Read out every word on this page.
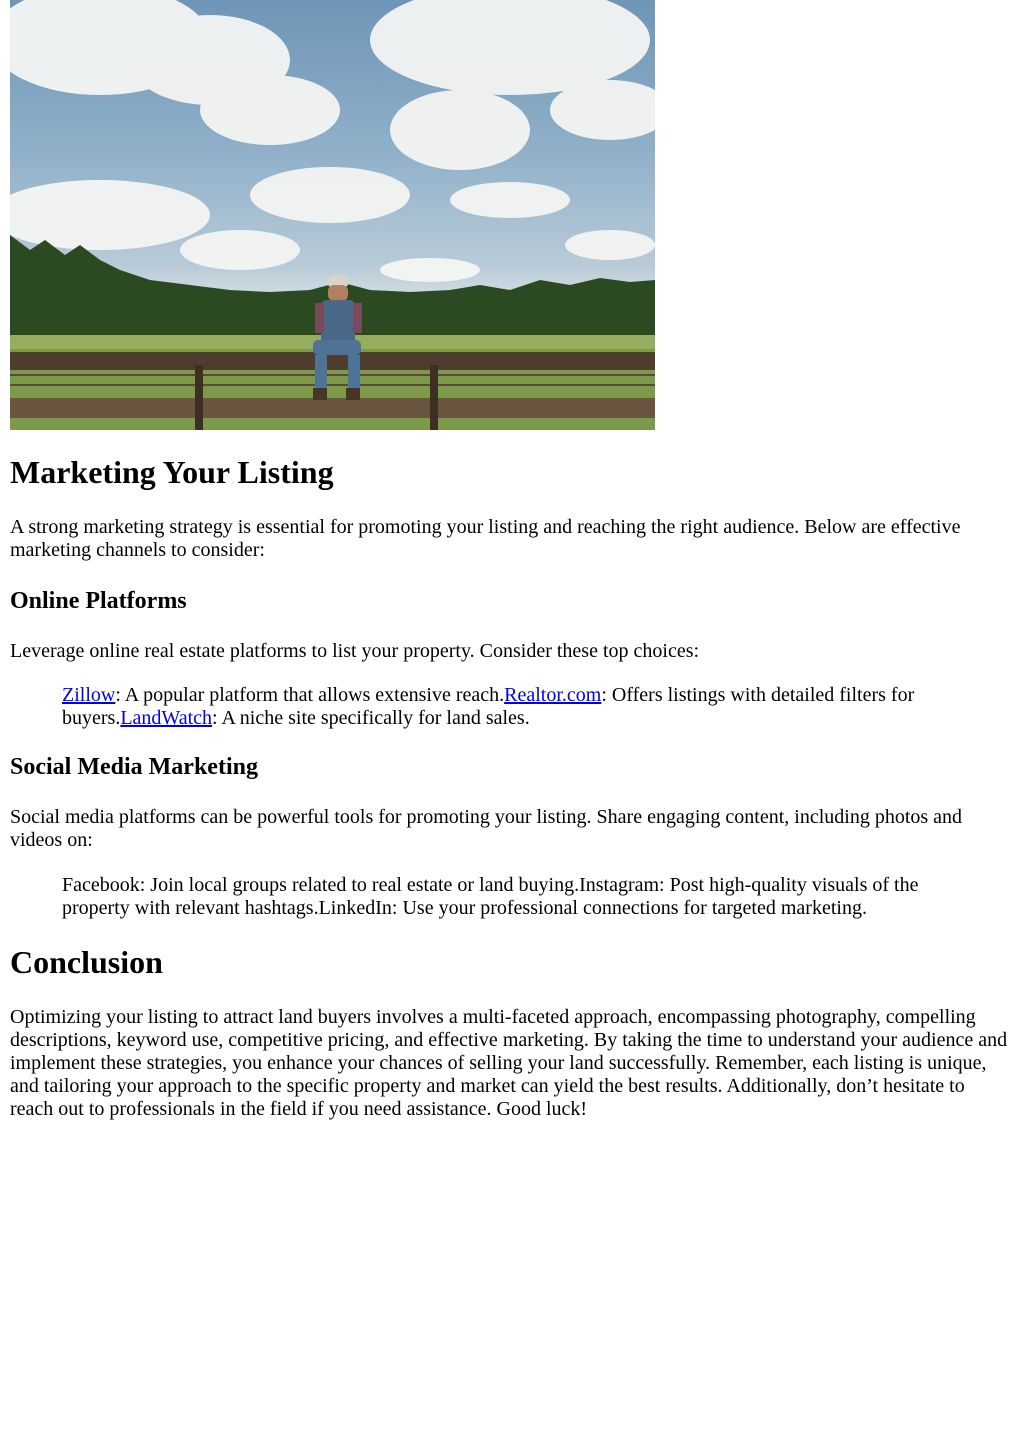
Marketing Your Listing

A strong marketing strategy is essential for promoting your listing and reaching the right audience. Below are effective marketing channels to consider:

Online Platforms

Leverage online real estate platforms to list your property. Consider these top choices:

Zillow: A popular platform that allows extensive reach.Realtor.com: Offers listings with detailed filters for buyers.LandWatch: A niche site specifically for land sales.

Social Media Marketing

Social media platforms can be powerful tools for promoting your listing. Share engaging content, including photos and videos on:

Facebook: Join local groups related to real estate or land buying.Instagram: Post high-quality visuals of the property with relevant hashtags.LinkedIn: Use your professional connections for targeted marketing.

Conclusion

Optimizing your listing to attract land buyers involves a multi-faceted approach, encompassing photography, compelling descriptions, keyword use, competitive pricing, and effective marketing. By taking the time to understand your audience and implement these strategies, you enhance your chances of selling your land successfully. Remember, each listing is unique, and tailoring your approach to the specific property and market can yield the best results. Additionally, don’t hesitate to reach out to professionals in the field if you need assistance. Good luck!
